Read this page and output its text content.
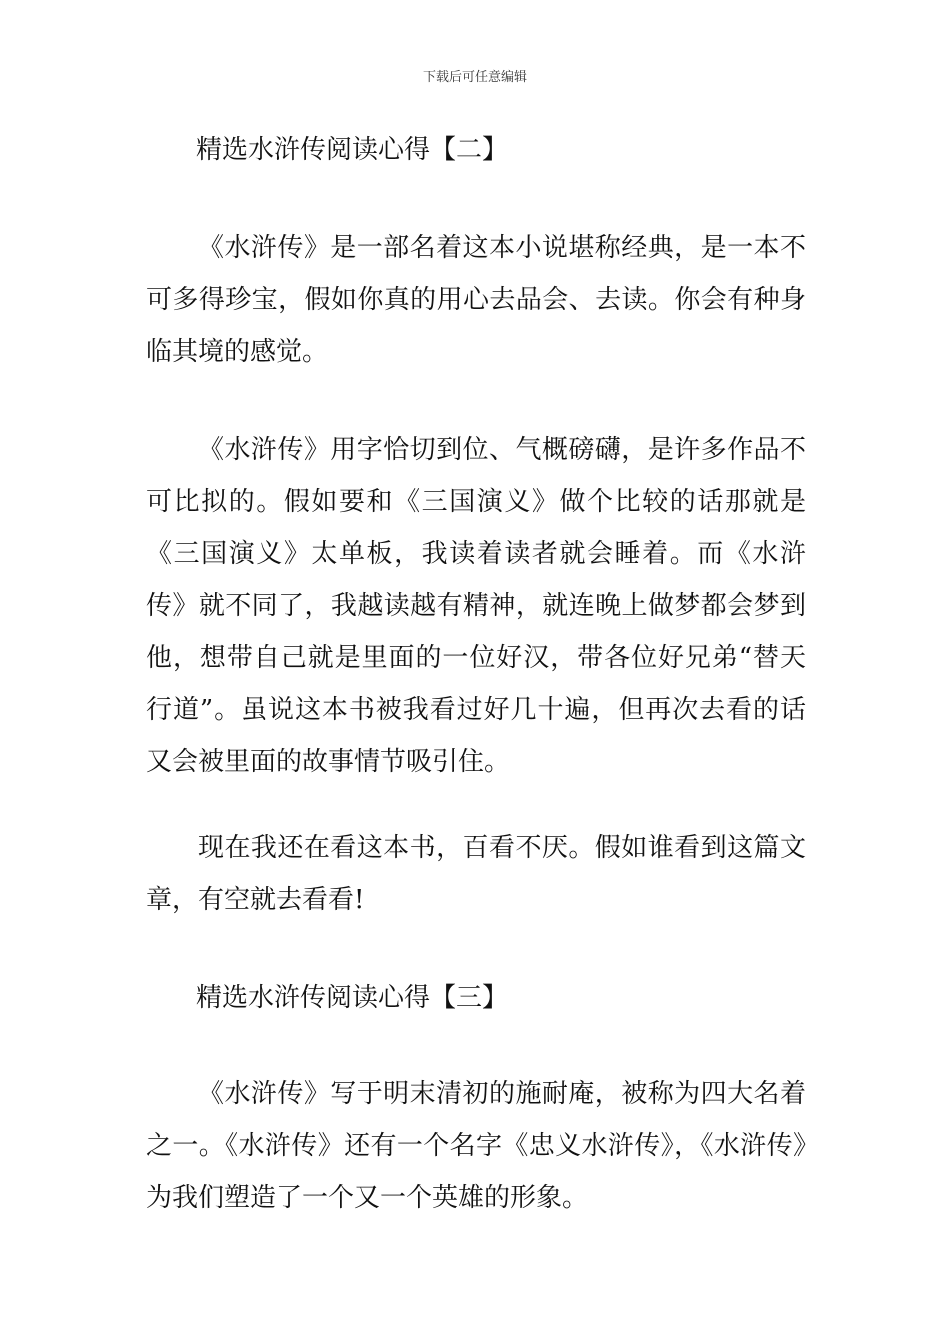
下载后可任意编辑
精选水浒传阅读心得【二】

《水浒传》是一部名着这本小说堪称经典，是一本不可多得珍宝，假如你真的用心去品会、去读。你会有种身临其境的感觉。

《水浒传》用字恰切到位、气概磅礴，是许多作品不可比拟的。假如要和《三国演义》做个比较的话那就是《三国演义》太单板，我读着读者就会睡着。而《水浒传》就不同了，我越读越有精神，就连晚上做梦都会梦到他，想带自己就是里面的一位好汉，带各位好兄弟“替天行道”。虽说这本书被我看过好几十遍，但再次去看的话又会被里面的故事情节吸引住。

现在我还在看这本书，百看不厌。假如谁看到这篇文章，有空就去看看!

精选水浒传阅读心得【三】

《水浒传》写于明末清初的施耐庵，被称为四大名着之一。《水浒传》还有一个名字《忠义水浒传》，《水浒传》为我们塑造了一个又一个英雄的形象。
